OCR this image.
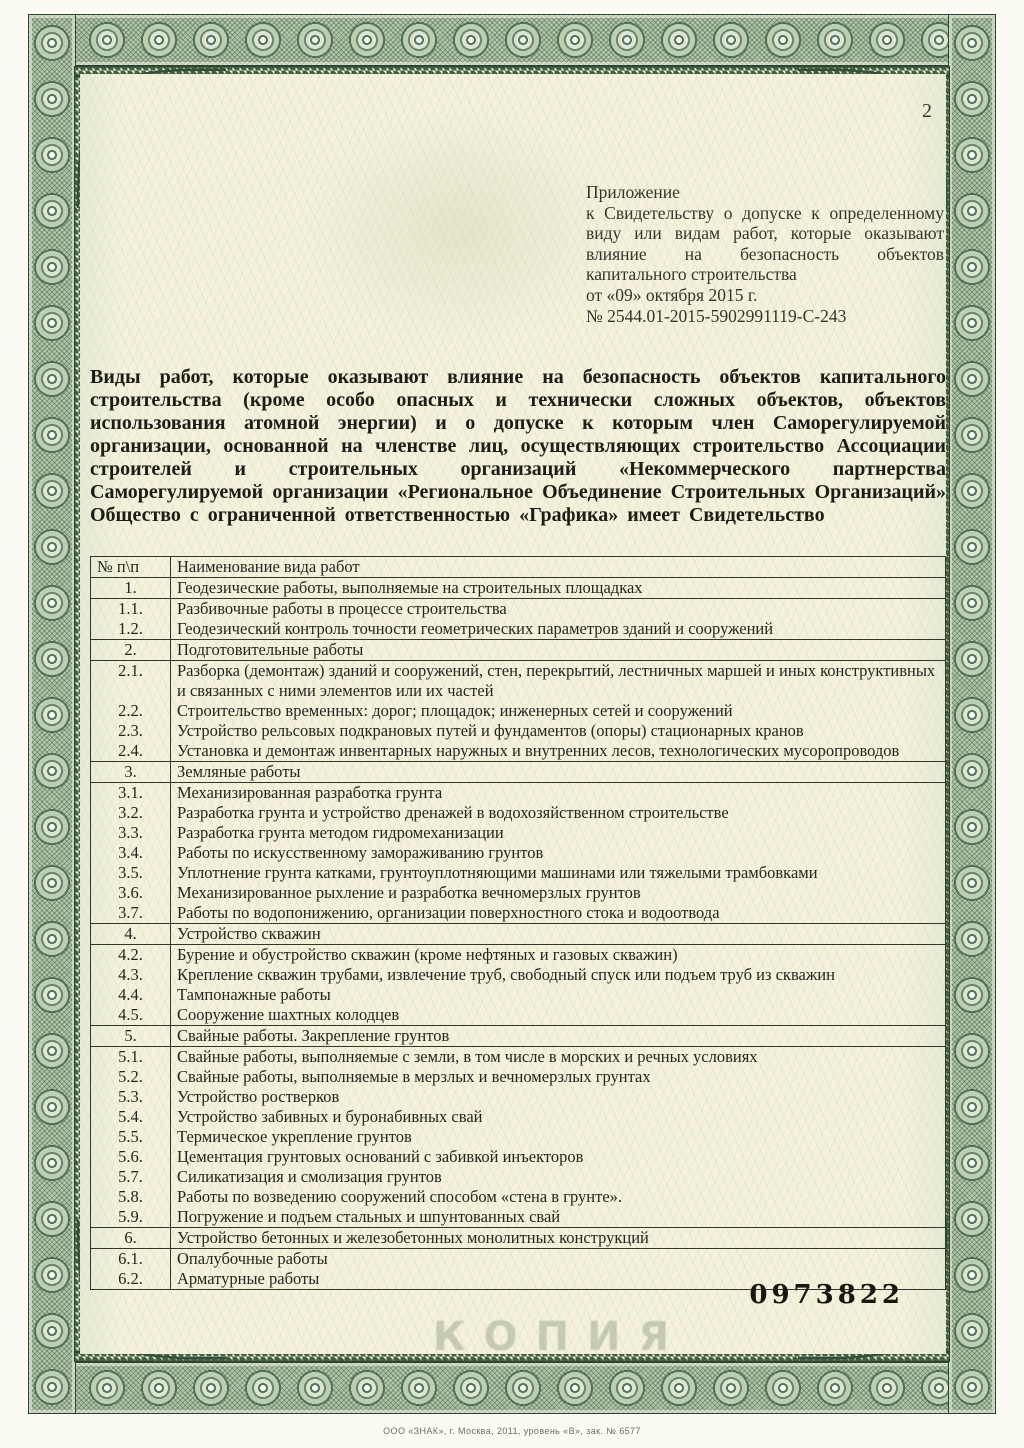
2
Приложение
к Свидетельству о допуске к определенному виду или видам работ, которые оказывают влияние на безопасность объектов капитального строительства
от «09» октября 2015 г.
№ 2544.01-2015-5902991119-С-243
Виды работ, которые оказывают влияние на безопасность объектов капитального строительства (кроме особо опасных и технически сложных объектов, объектов использования атомной энергии) и о допуске к которым член Саморегулируемой организации, основанной на членстве лиц, осуществляющих строительство Ассоциации строителей и строительных организаций «Некоммерческого партнерства Саморегулируемой организации «Региональное Объединение Строительных Организаций» Общество с ограниченной ответственностью «Графика» имеет Свидетельство
№ п\п	Наименование вида работ
1.	Геодезические работы, выполняемые на строительных площадках
1.1.	Разбивочные работы в процессе строительства
1.2.	Геодезический контроль точности геометрических параметров зданий и сооружений
2.	Подготовительные работы
2.1.	Разборка (демонтаж) зданий и сооружений, стен, перекрытий, лестничных маршей и иных конструктивных и связанных с ними элементов или их частей
2.2.	Строительство временных: дорог; площадок; инженерных сетей и сооружений
2.3.	Устройство рельсовых подкрановых путей и фундаментов (опоры) стационарных кранов
2.4.	Установка и демонтаж инвентарных наружных и внутренних лесов, технологических мусоропроводов
3.	Земляные работы
3.1.	Механизированная разработка грунта
3.2.	Разработка грунта и устройство дренажей в водохозяйственном строительстве
3.3.	Разработка грунта методом гидромеханизации
3.4.	Работы по искусственному замораживанию грунтов
3.5.	Уплотнение грунта катками, грунтоуплотняющими машинами или тяжелыми трамбовками
3.6.	Механизированное рыхление и разработка вечномерзлых грунтов
3.7.	Работы по водопонижению, организации поверхностного стока и водоотвода
4.	Устройство скважин
4.2.	Бурение и обустройство скважин (кроме нефтяных и газовых скважин)
4.3.	Крепление скважин трубами, извлечение труб, свободный спуск или подъем труб из скважин
4.4.	Тампонажные работы
4.5.	Сооружение шахтных колодцев
5.	Свайные работы. Закрепление грунтов
5.1.	Свайные работы, выполняемые с земли, в том числе в морских и речных условиях
5.2.	Свайные работы, выполняемые в мерзлых и вечномерзлых грунтах
5.3.	Устройство ростверков
5.4.	Устройство забивных и буронабивных свай
5.5.	Термическое укрепление грунтов
5.6.	Цементация грунтовых оснований с забивкой инъекторов
5.7.	Силикатизация и смолизация грунтов
5.8.	Работы по возведению сооружений способом «стена в грунте».
5.9.	Погружение и подъем стальных и шпунтованных свай
6.	Устройство бетонных и железобетонных монолитных конструкций
6.1.	Опалубочные работы
6.2.	Арматурные работы
0973822
КОПИЯ
ООО «ЗНАК», г. Москва, 2011, уровень «В», зак. № 6577
